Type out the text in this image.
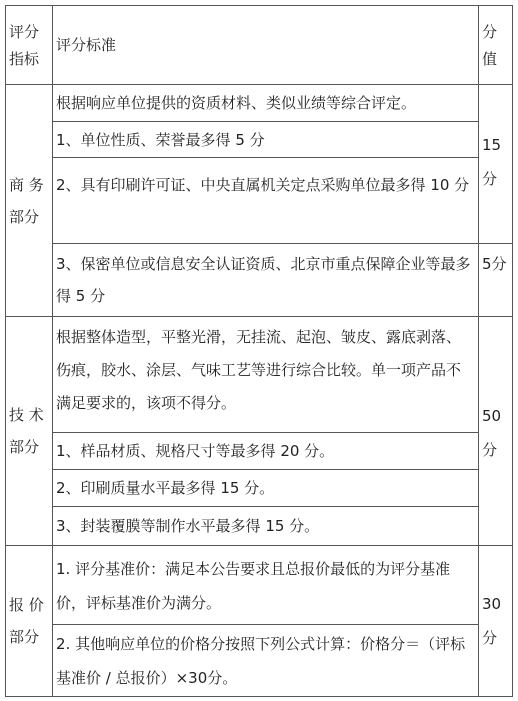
评分指标
评分标准
分值
商 务部分
根据响应单位提供的资质材料、类似业绩等综合评定。
1、单位性质、荣誉最多得 5 分
2、具有印刷许可证、中央直属机关定点采购单位最多得 10 分
3、保密单位或信息安全认证资质、北京市重点保障企业等最多得 5 分
15分
5分
技 术部分
根据整体造型，平整光滑，无挂流、起泡、皱皮、露底剥落、伤痕，胶水、涂层、气味工艺等进行综合比较。单一项产品不满足要求的，该项不得分。
1、样品材质、规格尺寸等最多得 20 分。
2、印刷质量水平最多得 15 分。
3、封装覆膜等制作水平最多得 15 分。
50分
报 价部分
1. 评分基准价：满足本公告要求且总报价最低的为评分基准价，评标基准价为满分。
2. 其他响应单位的价格分按照下列公式计算：价格分＝（评标基准价 / 总报价）×30分。
30分
